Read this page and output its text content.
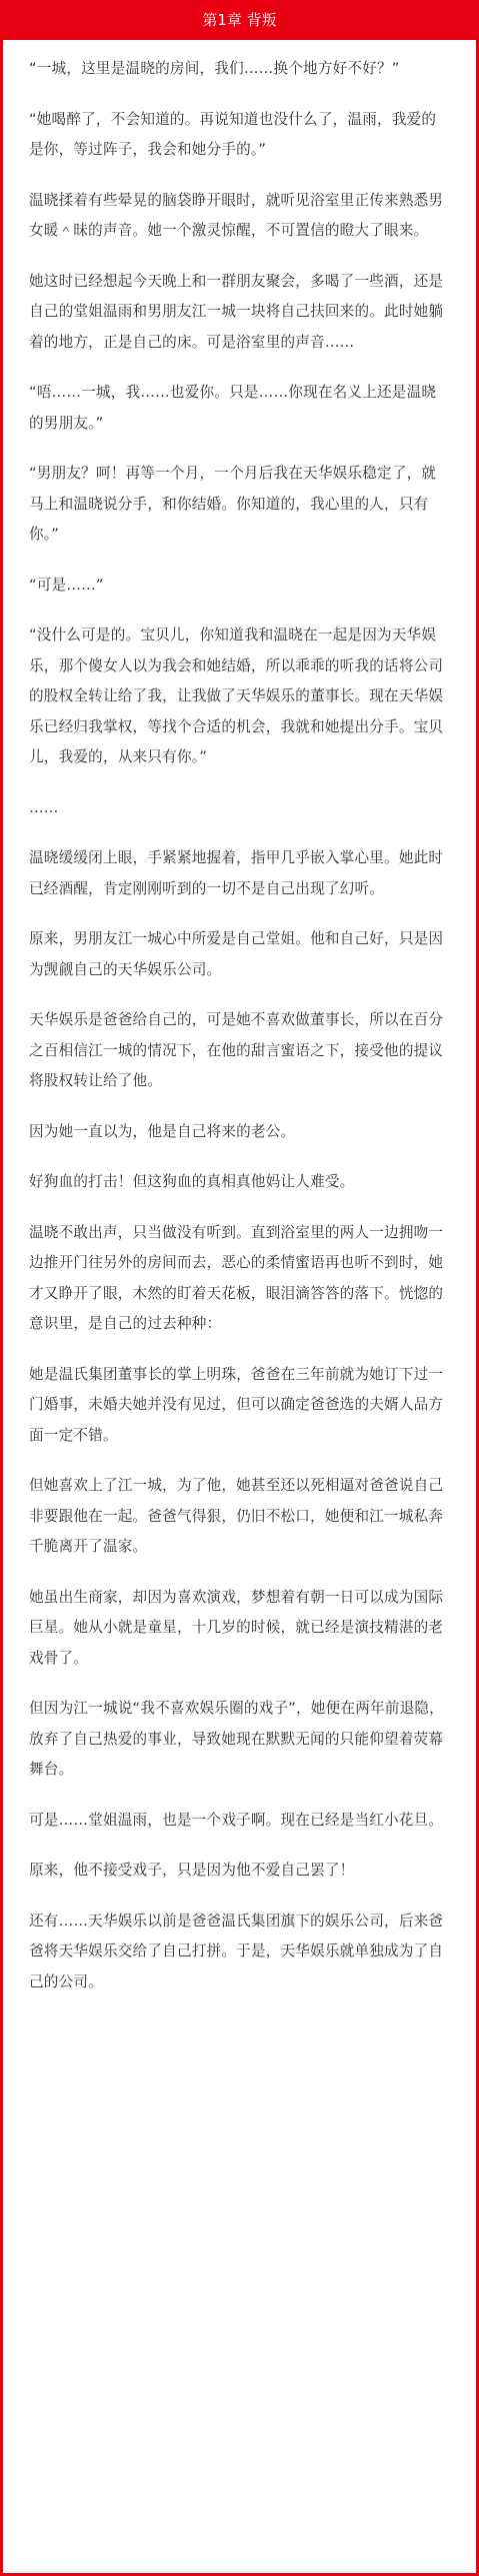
第1章 背叛

“一城，这里是温晓的房间，我们……换个地方好不好？”

“她喝醉了，不会知道的。再说知道也没什么了，温雨，我爱的是你，等过阵子，我会和她分手的。”

温晓揉着有些晕晃的脑袋睁开眼时，就听见浴室里正传来熟悉男女暖＾昧的声音。她一个激灵惊醒，不可置信的瞪大了眼来。

她这时已经想起今天晚上和一群朋友聚会，多喝了一些酒，还是自己的堂姐温雨和男朋友江一城一块将自己扶回来的。此时她躺着的地方，正是自己的床。可是浴室里的声音……

“唔……一城，我……也爱你。只是……你现在名义上还是温晓的男朋友。”

“男朋友？呵！再等一个月，一个月后我在天华娱乐稳定了，就马上和温晓说分手，和你结婚。你知道的，我心里的人，只有你。”

“可是……”

“没什么可是的。宝贝儿，你知道我和温晓在一起是因为天华娱乐，那个傻女人以为我会和她结婚，所以乖乖的听我的话将公司的股权全转让给了我，让我做了天华娱乐的董事长。现在天华娱乐已经归我掌权，等找个合适的机会，我就和她提出分手。宝贝儿，我爱的，从来只有你。”

……

温晓缓缓闭上眼，手紧紧地握着，指甲几乎嵌入掌心里。她此时已经酒醒，肯定刚刚听到的一切不是自己出现了幻听。

原来，男朋友江一城心中所爱是自己堂姐。他和自己好，只是因为觊觎自己的天华娱乐公司。

天华娱乐是爸爸给自己的，可是她不喜欢做董事长，所以在百分之百相信江一城的情况下，在他的甜言蜜语之下，接受他的提议将股权转让给了他。

因为她一直以为，他是自己将来的老公。

好狗血的打击！但这狗血的真相真他妈让人难受。

温晓不敢出声，只当做没有听到。直到浴室里的两人一边拥吻一边推开门往另外的房间而去，恶心的柔情蜜语再也听不到时，她才又睁开了眼，木然的盯着天花板，眼泪滴答答的落下。恍惚的意识里，是自己的过去种种：

她是温氏集团董事长的掌上明珠，爸爸在三年前就为她订下过一门婚事，未婚夫她并没有见过，但可以确定爸爸选的夫婿人品方面一定不错。

但她喜欢上了江一城，为了他，她甚至还以死相逼对爸爸说自己非要跟他在一起。爸爸气得狠，仍旧不松口，她便和江一城私奔千脆离开了温家。

她虽出生商家，却因为喜欢演戏，梦想着有朝一日可以成为国际巨星。她从小就是童星，十几岁的时候，就已经是演技精湛的老戏骨了。

但因为江一城说“我不喜欢娱乐圈的戏子”，她便在两年前退隐，放弃了自己热爱的事业，导致她现在默默无闻的只能仰望着荧幕舞台。

可是……堂姐温雨，也是一个戏子啊。现在已经是当红小花旦。

原来，他不接受戏子，只是因为他不爱自己罢了！

还有……天华娱乐以前是爸爸温氏集团旗下的娱乐公司，后来爸爸将天华娱乐交给了自己打拼。于是，天华娱乐就单独成为了自己的公司。
